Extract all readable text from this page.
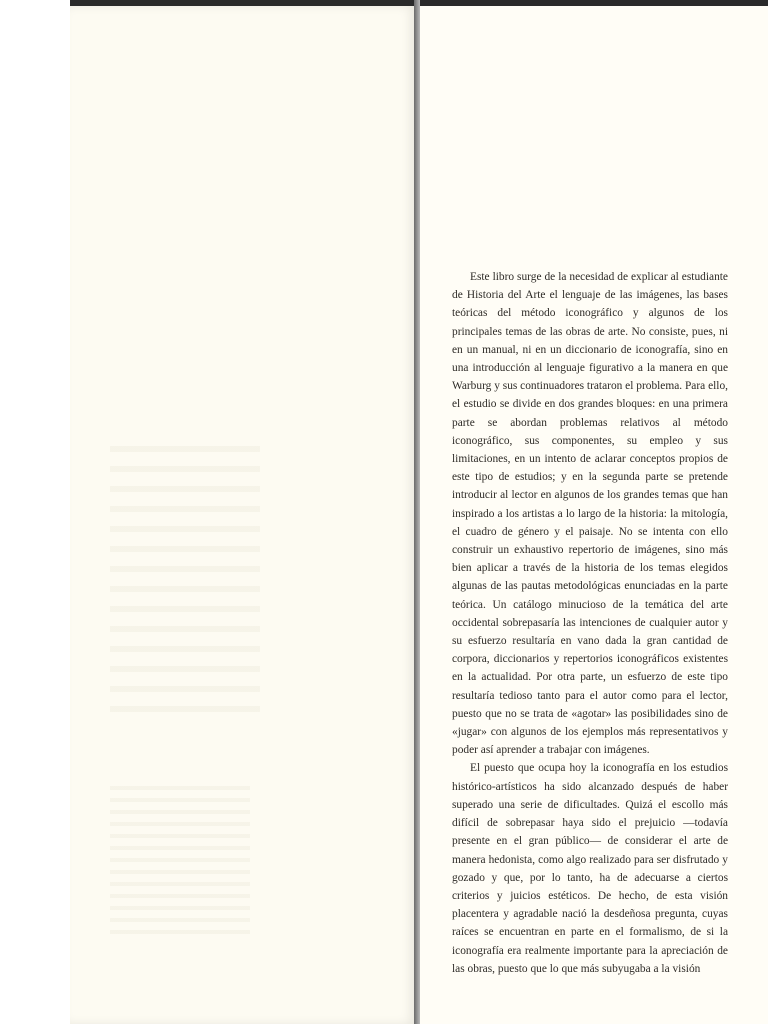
Este libro surge de la necesidad de explicar al estudiante de Historia del Arte el lenguaje de las imágenes, las bases teóricas del método iconográfico y algunos de los principales temas de las obras de arte. No consiste, pues, ni en un manual, ni en un diccionario de iconografía, sino en una introducción al lenguaje figurativo a la manera en que Warburg y sus continuadores trataron el problema. Para ello, el estudio se divide en dos grandes bloques: en una primera parte se abordan problemas relativos al método iconográfico, sus componentes, su empleo y sus limitaciones, en un intento de aclarar conceptos propios de este tipo de estudios; y en la segunda parte se pretende introducir al lector en algunos de los grandes temas que han inspirado a los artistas a lo largo de la historia: la mitología, el cuadro de género y el paisaje. No se intenta con ello construir un exhaustivo repertorio de imágenes, sino más bien aplicar a través de la historia de los temas elegidos algunas de las pautas metodológicas enunciadas en la parte teórica. Un catálogo minucioso de la temática del arte occidental sobrepasaría las intenciones de cualquier autor y su esfuerzo resultaría en vano dada la gran cantidad de corpora, diccionarios y repertorios iconográficos existentes en la actualidad. Por otra parte, un esfuerzo de este tipo resultaría tedioso tanto para el autor como para el lector, puesto que no se trata de «agotar» las posibilidades sino de «jugar» con algunos de los ejemplos más representativos y poder así aprender a trabajar con imágenes.

El puesto que ocupa hoy la iconografía en los estudios histórico-artísticos ha sido alcanzado después de haber superado una serie de dificultades. Quizá el escollo más difícil de sobrepasar haya sido el prejuicio —todavía presente en el gran público— de considerar el arte de manera hedonista, como algo realizado para ser disfrutado y gozado y que, por lo tanto, ha de adecuarse a ciertos criterios y juicios estéticos. De hecho, de esta visión placentera y agradable nació la desdeñosa pregunta, cuyas raíces se encuentran en parte en el formalismo, de si la iconografía era realmente importante para la apreciación de las obras, puesto que lo que más subyugaba a la visión
